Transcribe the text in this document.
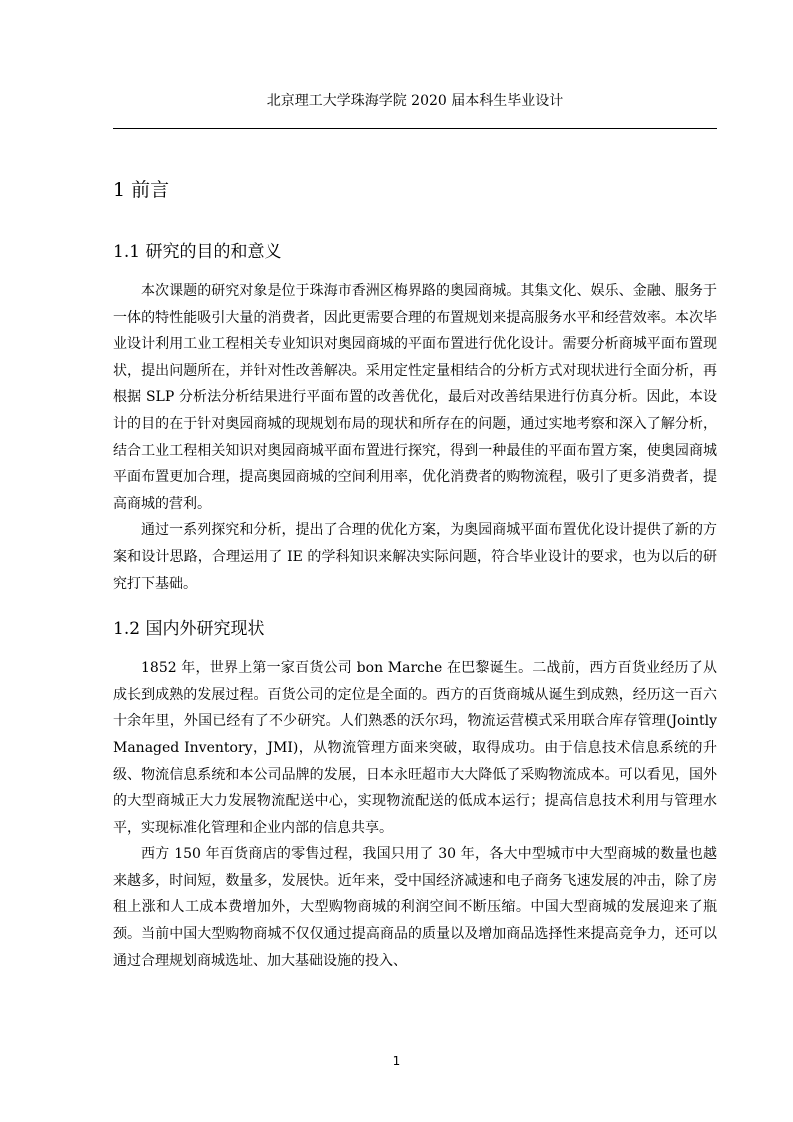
北京理工大学珠海学院 2020 届本科生毕业设计
1 前言
1.1 研究的目的和意义

本次课题的研究对象是位于珠海市香洲区梅界路的奥园商城。其集文化、娱乐、金融、服务于一体的特性能吸引大量的消费者，因此更需要合理的布置规划来提高服务水平和经营效率。本次毕业设计利用工业工程相关专业知识对奥园商城的平面布置进行优化设计。需要分析商城平面布置现状，提出问题所在，并针对性改善解决。采用定性定量相结合的分析方式对现状进行全面分析，再根据 SLP 分析法分析结果进行平面布置的改善优化，最后对改善结果进行仿真分析。因此，本设计的目的在于针对奥园商城的现规划布局的现状和所存在的问题，通过实地考察和深入了解分析，结合工业工程相关知识对奥园商城平面布置进行探究，得到一种最佳的平面布置方案，使奥园商城平面布置更加合理，提高奥园商城的空间利用率，优化消费者的购物流程，吸引了更多消费者，提高商城的营利。

通过一系列探究和分析，提出了合理的优化方案，为奥园商城平面布置优化设计提供了新的方案和设计思路，合理运用了 IE 的学科知识来解决实际问题，符合毕业设计的要求，也为以后的研究打下基础。

1.2 国内外研究现状

1852 年，世界上第一家百货公司 bon Marche 在巴黎诞生。二战前，西方百货业经历了从成长到成熟的发展过程。百货公司的定位是全面的。西方的百货商城从诞生到成熟，经历这一百六十余年里，外国已经有了不少研究。人们熟悉的沃尔玛，物流运营模式采用联合库存管理(Jointly Managed Inventory，JMI)，从物流管理方面来突破，取得成功。由于信息技术信息系统的升级、物流信息系统和本公司品牌的发展，日本永旺超市大大降低了采购物流成本。可以看见，国外的大型商城正大力发展物流配送中心，实现物流配送的低成本运行；提高信息技术利用与管理水平，实现标准化管理和企业内部的信息共享。

西方 150 年百货商店的零售过程，我国只用了 30 年，各大中型城市中大型商城的数量也越来越多，时间短，数量多，发展快。近年来，受中国经济减速和电子商务飞速发展的冲击，除了房租上涨和人工成本费增加外，大型购物商城的利润空间不断压缩。中国大型商城的发展迎来了瓶颈。当前中国大型购物商城不仅仅通过提高商品的质量以及增加商品选择性来提高竞争力，还可以通过合理规划商城选址、加大基础设施的投入、

1
